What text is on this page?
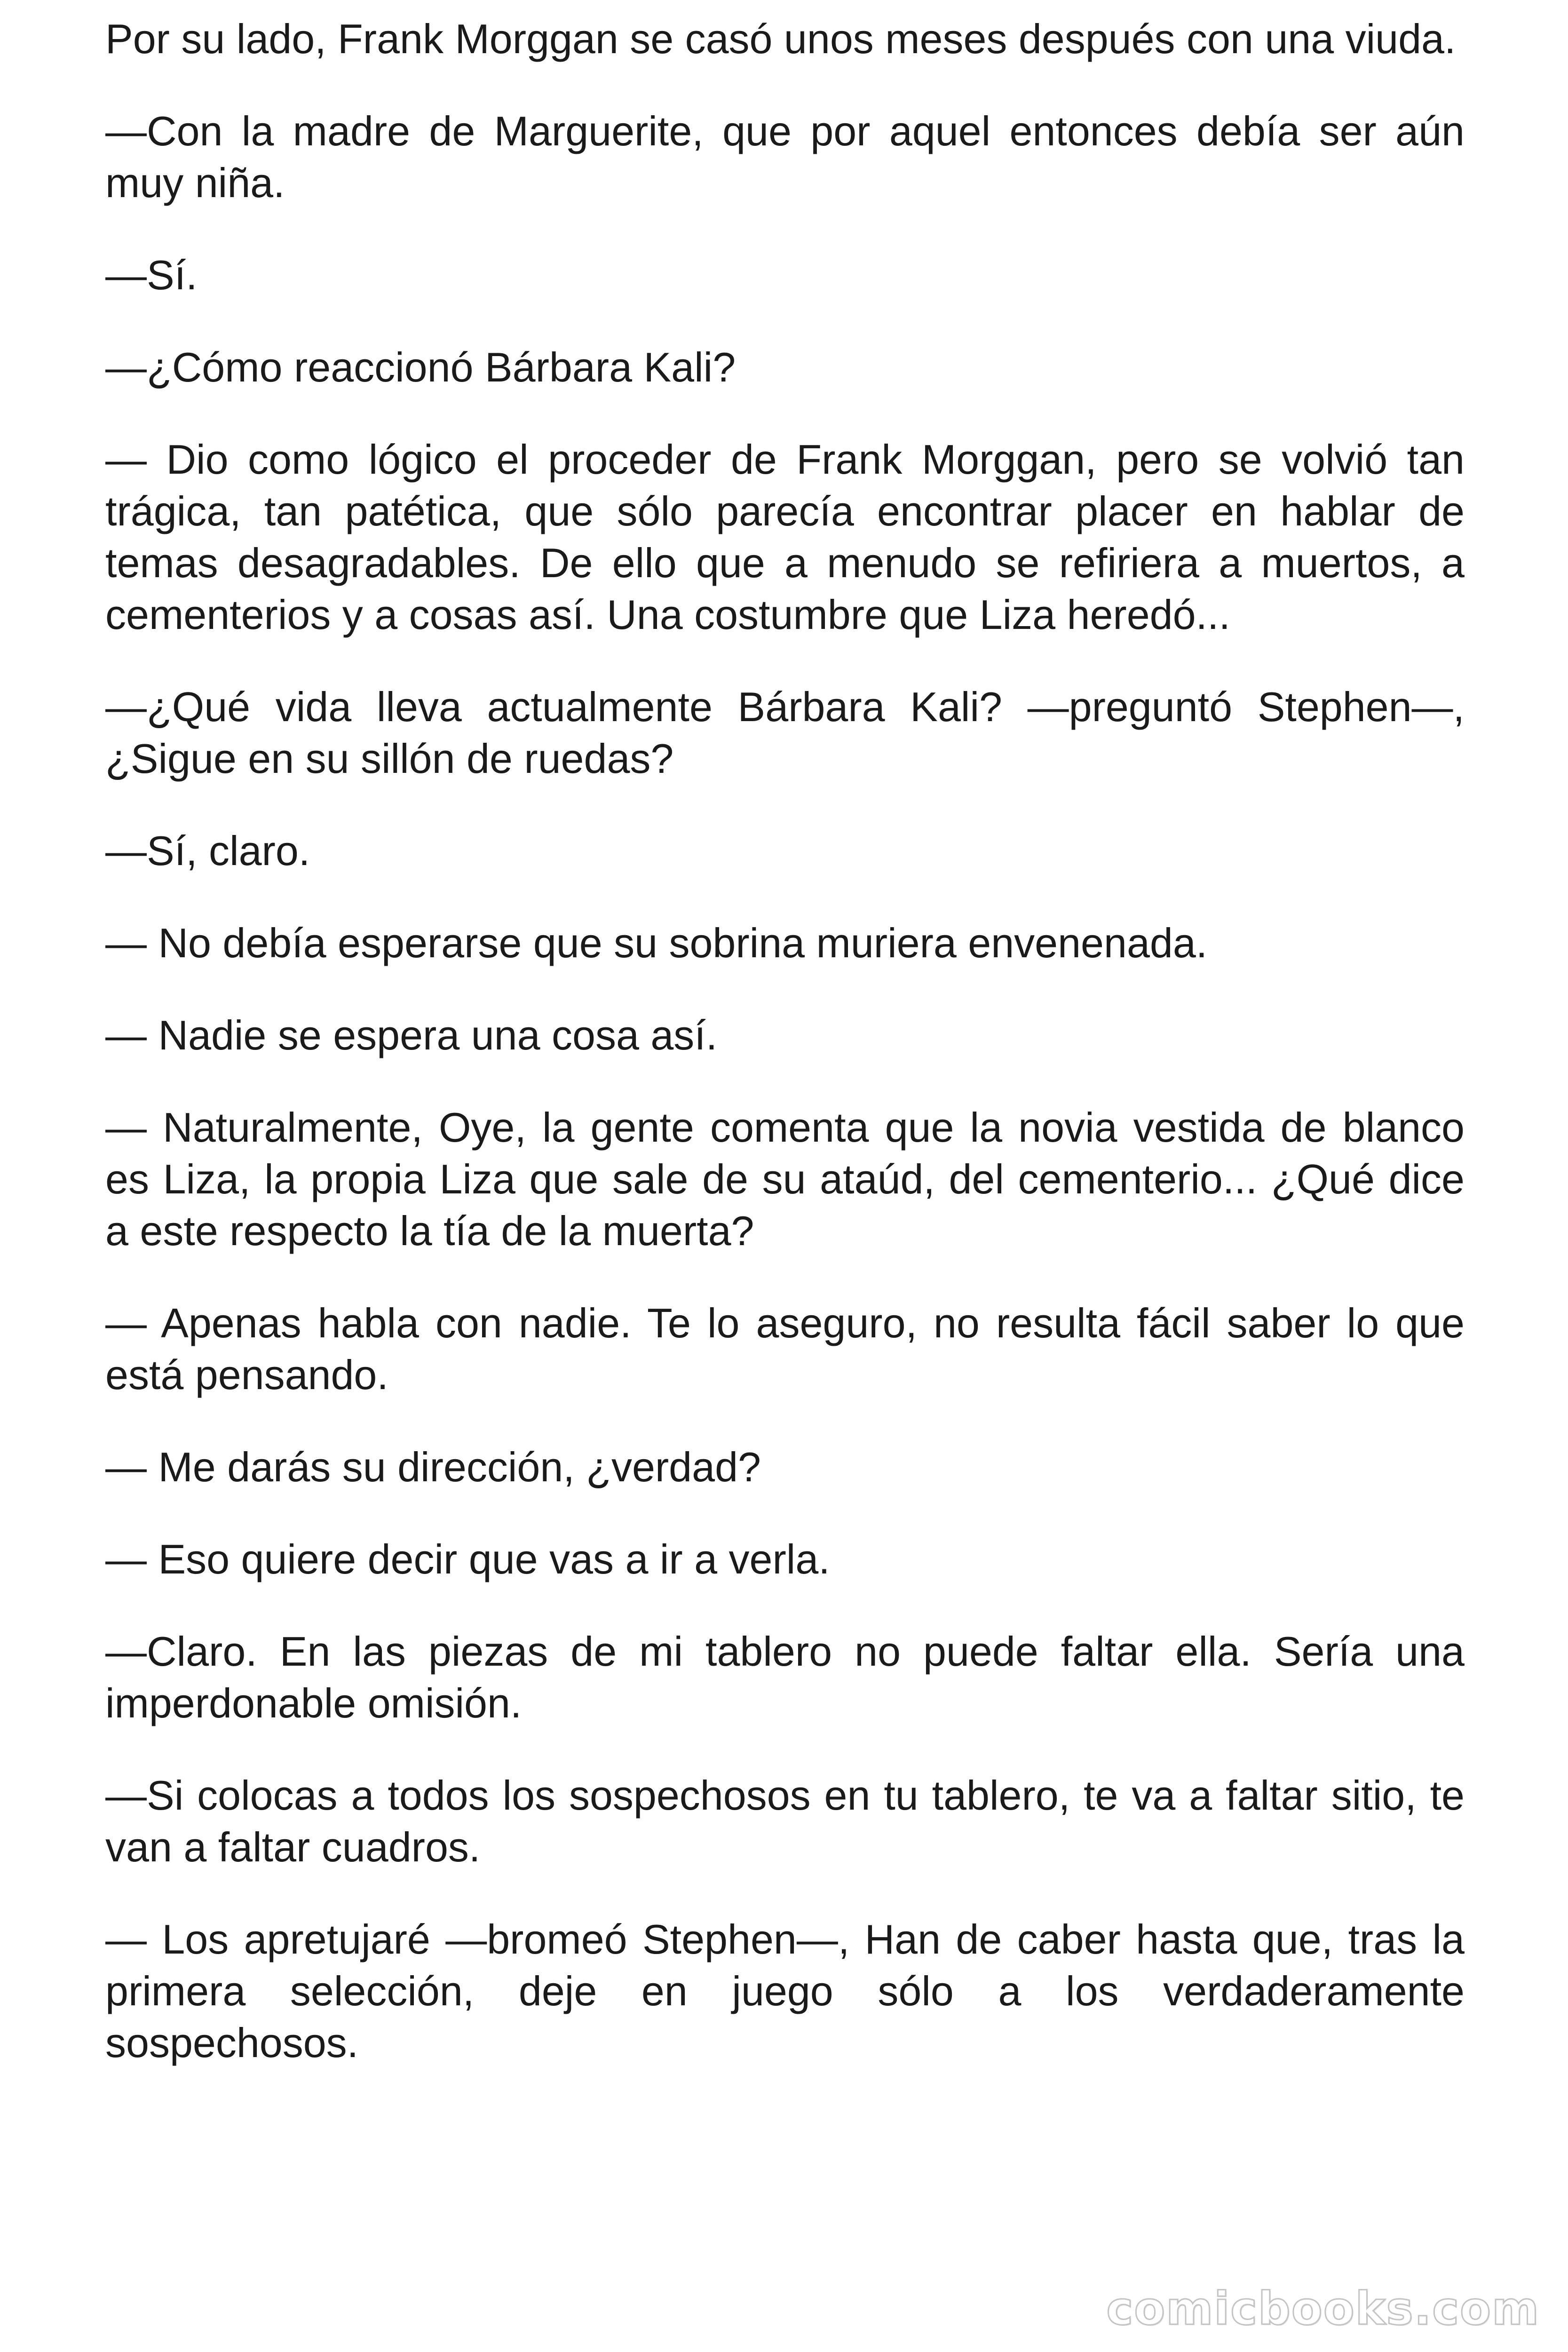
Por su lado, Frank Morggan se casó unos meses después con una viuda.

—Con la madre de Marguerite, que por aquel entonces debía ser aún muy niña.

—Sí.

—¿Cómo reaccionó Bárbara Kali?

— Dio como lógico el proceder de Frank Morggan, pero se volvió tan trágica, tan patética, que sólo parecía encontrar placer en hablar de temas desagradables. De ello que a menudo se refiriera a muertos, a cementerios y a cosas así. Una costumbre que Liza heredó...

—¿Qué vida lleva actualmente Bárbara Kali? —preguntó Stephen—, ¿Sigue en su sillón de ruedas?

—Sí, claro.

— No debía esperarse que su sobrina muriera envenenada.

— Nadie se espera una cosa así.

— Naturalmente, Oye, la gente comenta que la novia vestida de blanco es Liza, la propia Liza que sale de su ataúd, del cementerio... ¿Qué dice a este respecto la tía de la muerta?

— Apenas habla con nadie. Te lo aseguro, no resulta fácil saber lo que está pensando.

— Me darás su dirección, ¿verdad?

— Eso quiere decir que vas a ir a verla.

—Claro. En las piezas de mi tablero no puede faltar ella. Sería una imperdonable omisión.

—Si colocas a todos los sospechosos en tu tablero, te va a faltar sitio, te van a faltar cuadros.

— Los apretujaré —bromeó Stephen—, Han de caber hasta que, tras la primera selección, deje en juego sólo a los verdaderamente sospechosos.

comicbooks.com
